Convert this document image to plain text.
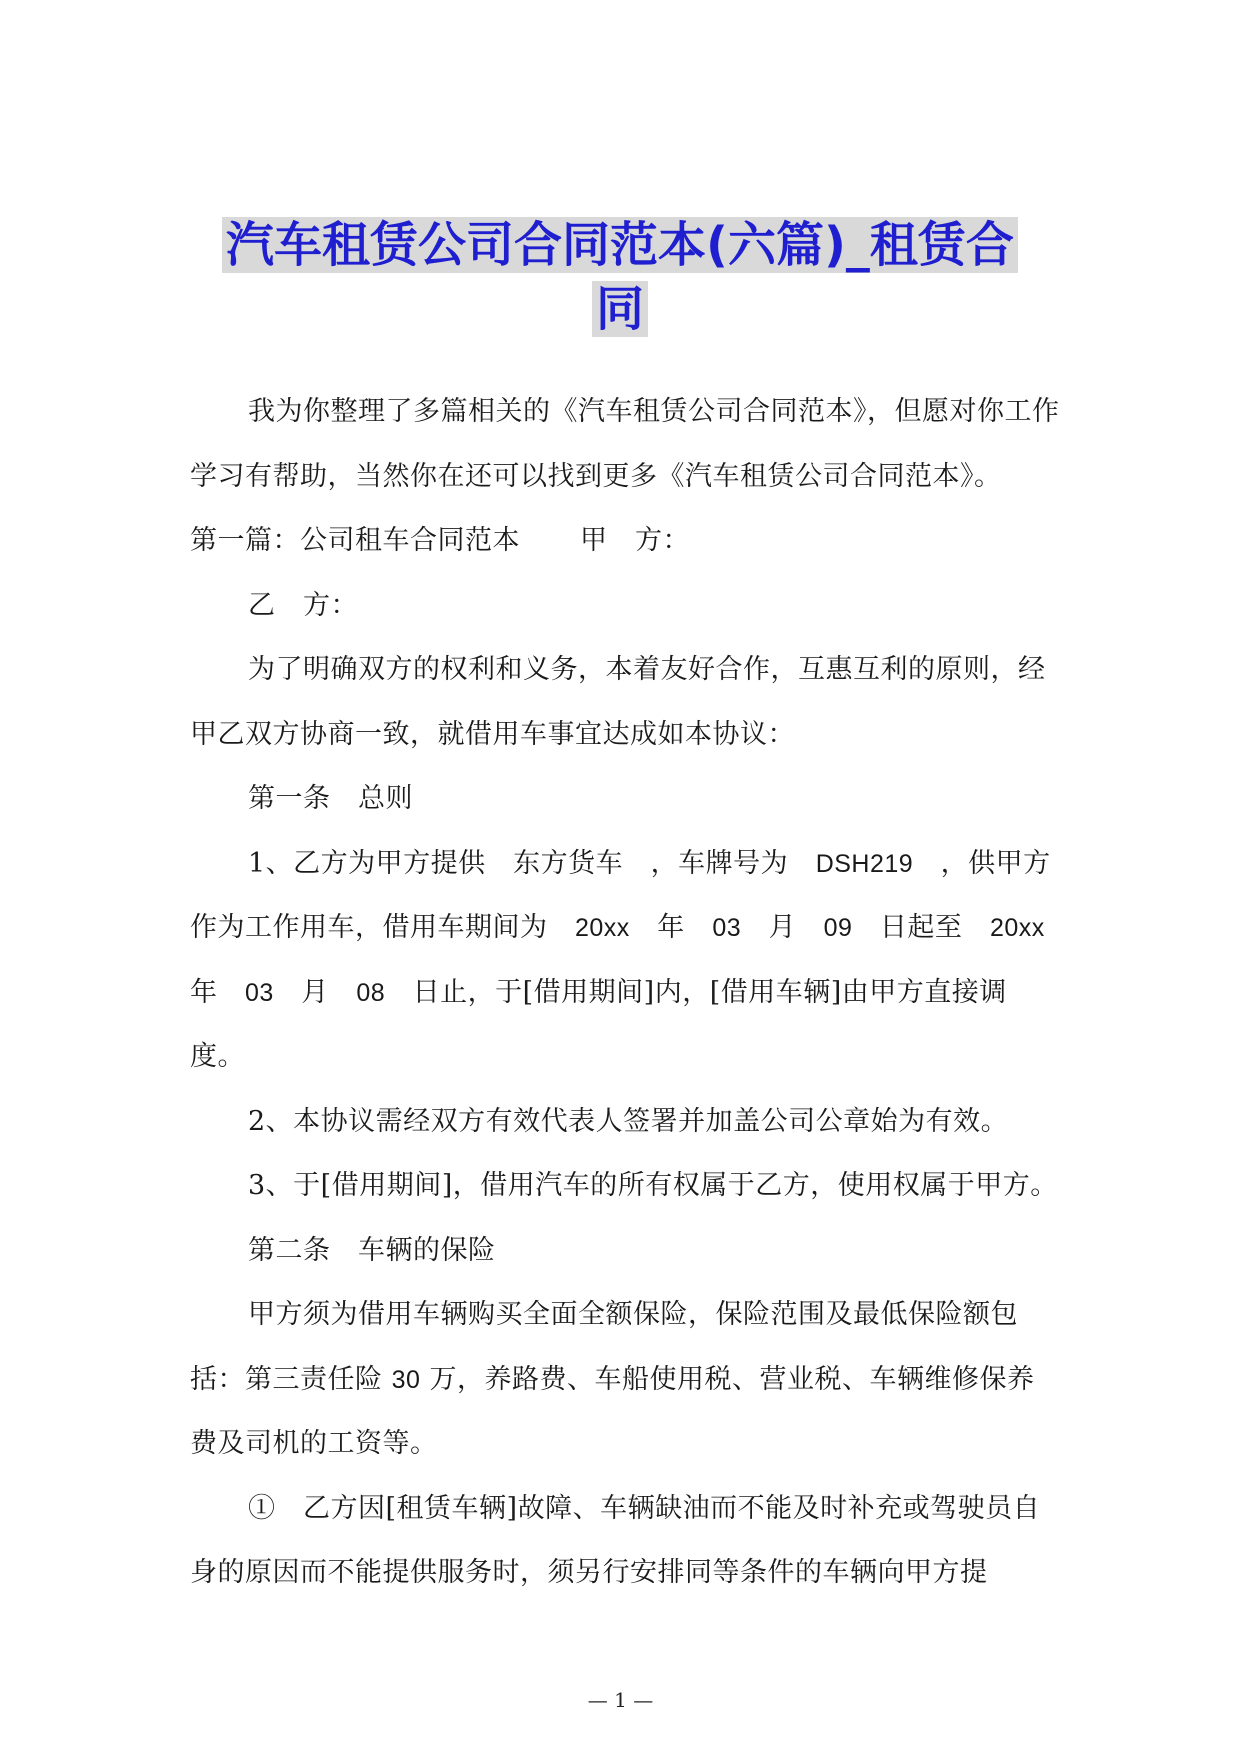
汽车租赁公司合同范本(六篇)_租赁合
同

我为你整理了多篇相关的《汽车租赁公司合同范本》，但愿对你工作学习有帮助，当然你在还可以找到更多《汽车租赁公司合同范本》。

第一篇：公司租车合同范本 甲　方：

乙　方：

为了明确双方的权利和义务，本着友好合作，互惠互利的原则，经甲乙双方协商一致，就借用车事宜达成如本协议：

第一条　总则

1、乙方为甲方提供　东方货车　，车牌号为　DSH219　，供甲方作为工作用车，借用车期间为　20xx　年　03　月　09　日起至　20xx　年　03　月　08　日止，于[借用期间]内，[借用车辆]由甲方直接调度。

2、本协议需经双方有效代表人签署并加盖公司公章始为有效。

3、于[借用期间]，借用汽车的所有权属于乙方，使用权属于甲方。

第二条　车辆的保险

甲方须为借用车辆购买全面全额保险，保险范围及最低保险额包括：第三责任险 30 万，养路费、车船使用税、营业税、车辆维修保养费及司机的工资等。

①　乙方因[租赁车辆]故障、车辆缺油而不能及时补充或驾驶员自身的原因而不能提供服务时，须另行安排同等条件的车辆向甲方提

— 1 —
